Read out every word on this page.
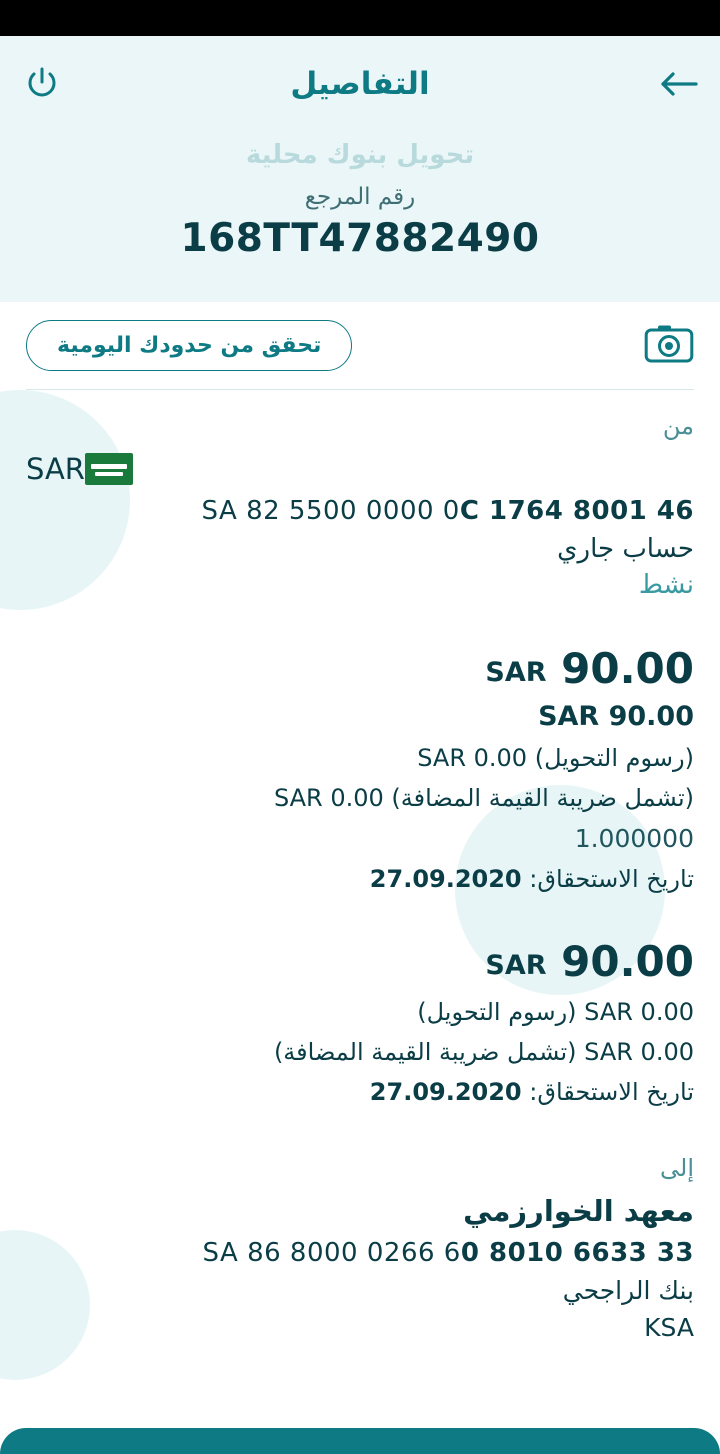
التفاصيل
تحويل بنوك محلية
رقم المرجع
168TT47882490
تحقق من حدودك اليومية
من
SAR
SA 82 5500 0000 0C 1764 8001 46
حساب جاري
نشط
SAR 90.00
SAR 90.00
(رسوم التحويل) SAR 0.00
(تشمل ضريبة القيمة المضافة) SAR 0.00
1.000000
تاريخ الاستحقاق: 27.09.2020
SAR 90.00
SAR 0.00 (رسوم التحويل)
SAR 0.00 (تشمل ضريبة القيمة المضافة)
تاريخ الاستحقاق: 27.09.2020
إلى
معهد الخوارزمي
SA 86 8000 0266 60 8010 6633 33
بنك الراجحي
KSA
